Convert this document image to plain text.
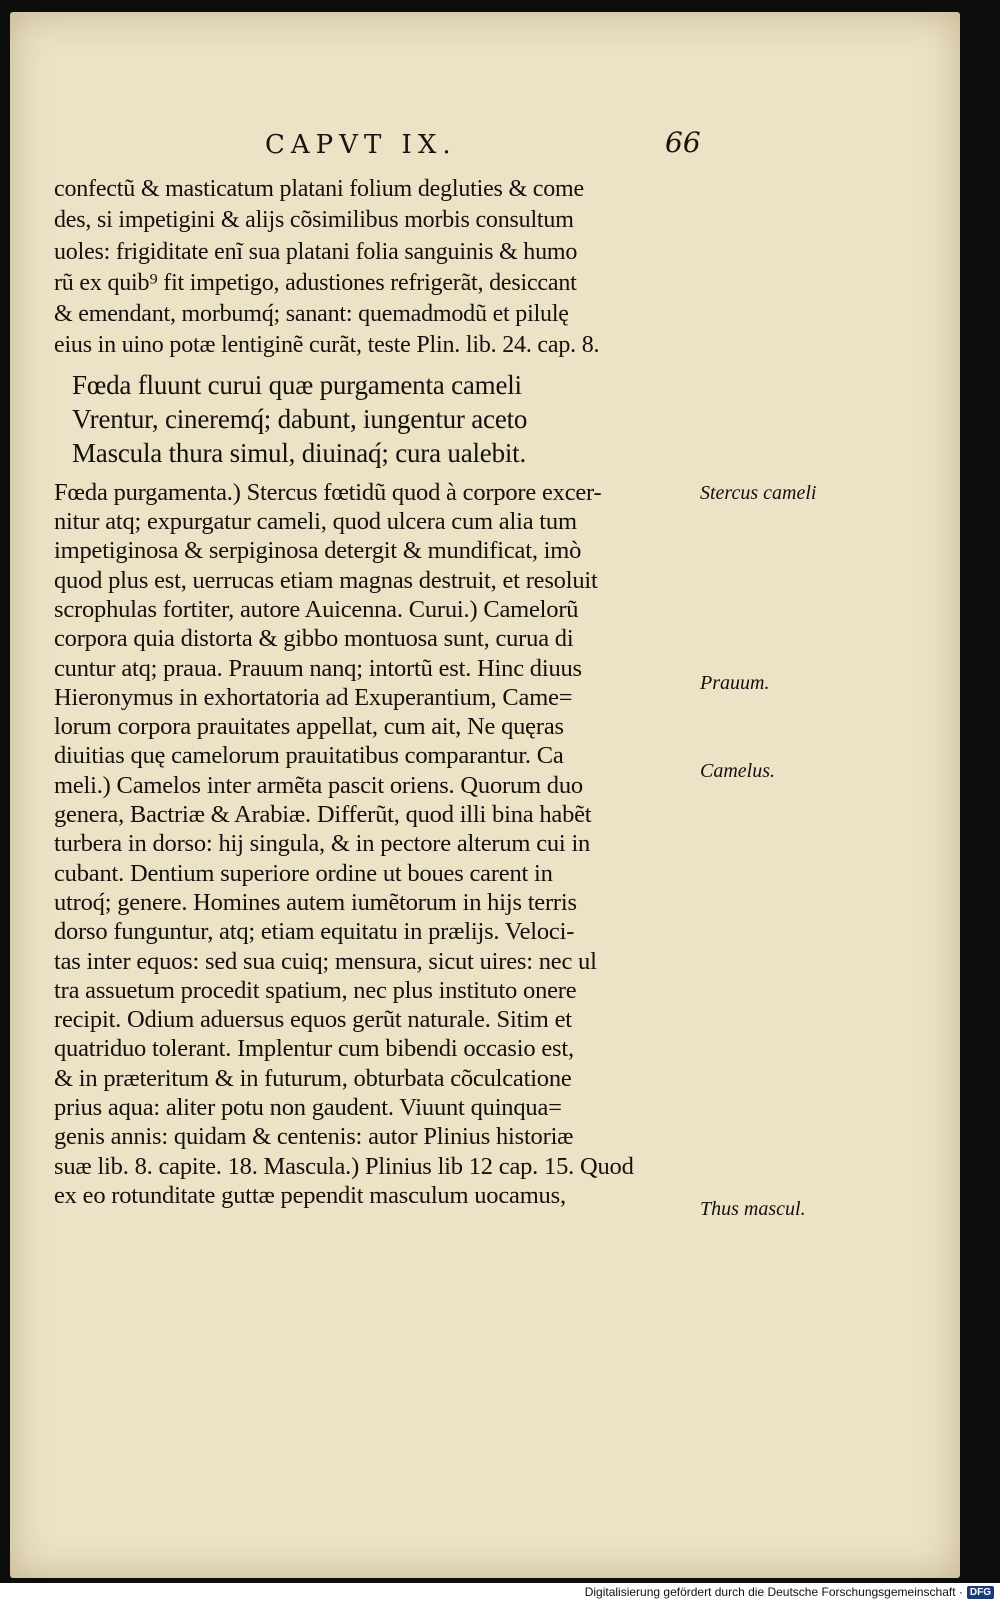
CAPVT IX.	66
confectũ & masticatum platani folium degluties & come
des, si impetigini & alijs cõsimilibus morbis consultum
uoles: frigiditate enĩ sua platani folia sanguinis & humo
rũ ex quib⁹ fit impetigo, adustiones refrigerãt, desiccant
& emendant, morbumq́; sanant: quemadmodũ et pilulę
eius in uino potæ lentiginẽ curãt, teste Plin. lib. 24. cap. 8.
Fœda fluunt curui quæ purgamenta cameli
Vrentur, cineremq́; dabunt, iungentur aceto
Mascula thura simul, diuinaq́; cura ualebit.
Fœda purgamenta.) Stercus fœtidũ quod à corpore excer-
nitur atq; expurgatur cameli, quod ulcera cum alia tum
impetiginosa & serpiginosa detergit & mundificat, imò
quod plus est, uerrucas etiam magnas destruit, et resoluit
scrophulas fortiter, autore Auicenna. Curui.) Camelorũ
corpora quia distorta & gibbo montuosa sunt, curua di
cuntur atq; praua. Prauum nanq; intortũ est. Hinc diuus
Hieronymus in exhortatoria ad Exuperantium, Came=
lorum corpora prauitates appellat, cum ait, Ne quęras
diuitias quę camelorum prauitatibus comparantur. Ca
meli.) Camelos inter armẽta pascit oriens. Quorum duo
genera, Bactriæ & Arabiæ. Differũt, quod illi bina habẽt
turbera in dorso: hij singula, & in pectore alterum cui in
cubant. Dentium superiore ordine ut boues carent in
utroq́; genere. Homines autem iumẽtorum in hijs terris
dorso funguntur, atq; etiam equitatu in prælijs. Veloci-
tas inter equos: sed sua cuiq; mensura, sicut uires: nec ul
tra assuetum procedit spatium, nec plus instituto onere
recipit. Odium aduersus equos gerũt naturale. Sitim et
quatriduo tolerant. Implentur cum bibendi occasio est,
& in præteritum & in futurum, obturbata cõculcatione
prius aqua: aliter potu non gaudent. Viuunt quinqua=
genis annis: quidam & centenis: autor Plinius historiæ
suæ lib. 8. capite. 18. Mascula.) Plinius lib 12 cap. 15. Quod
ex eo rotunditate guttæ pependit masculum uocamus,
Stercus cameli
Prauum.
Camelus.
Thus mascul.
Digitalisierung gefördert durch die Deutsche Forschungsgemeinschaft · DFG
